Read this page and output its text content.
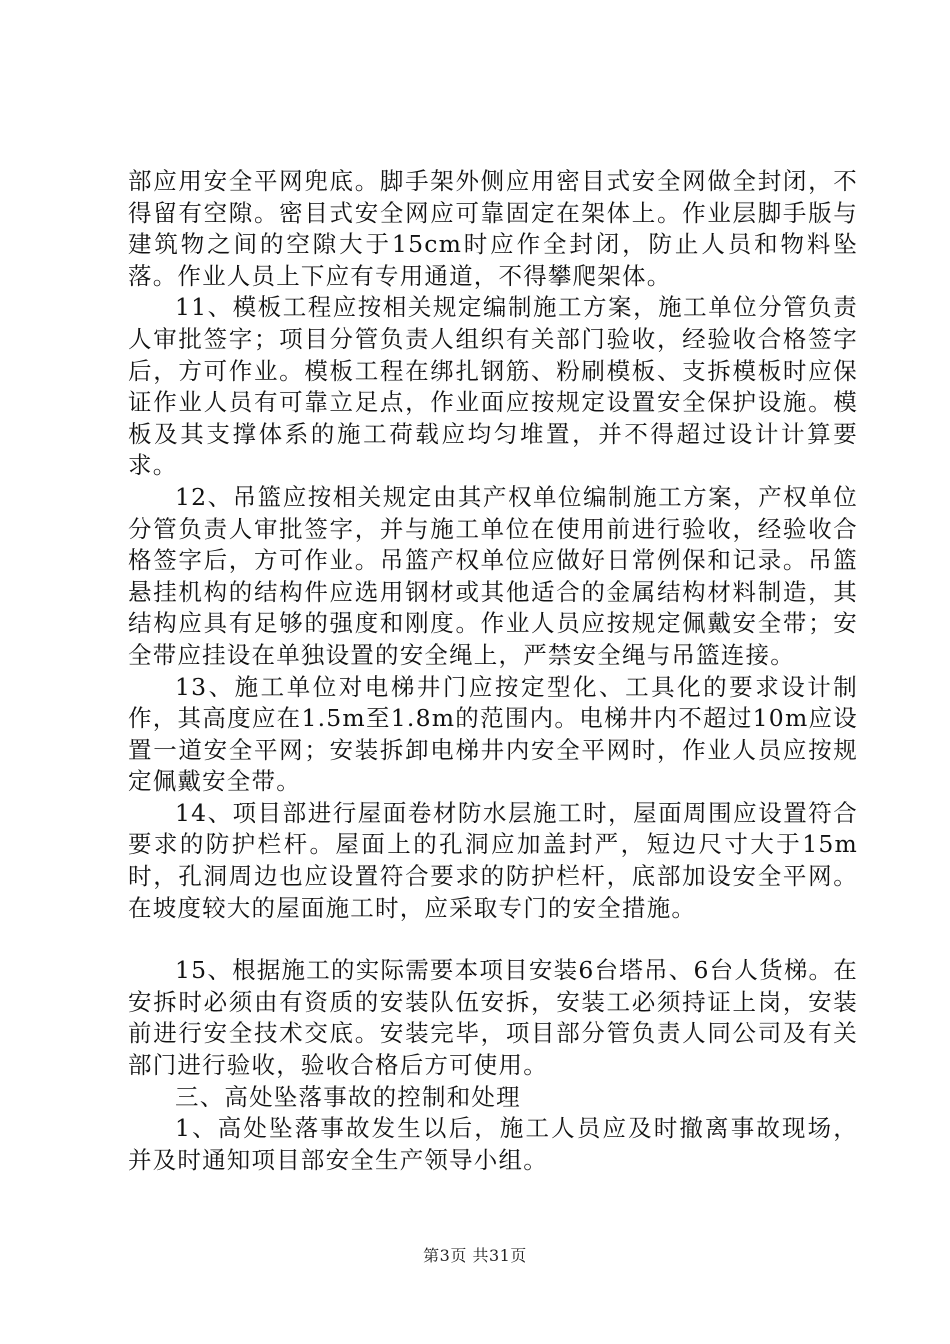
部应用安全平网兜底。脚手架外侧应用密目式安全网做全封闭，不得留有空隙。密目式安全网应可靠固定在架体上。作业层脚手版与建筑物之间的空隙大于15cm时应作全封闭，防止人员和物料坠落。作业人员上下应有专用通道，不得攀爬架体。

11、模板工程应按相关规定编制施工方案，施工单位分管负责人审批签字；项目分管负责人组织有关部门验收，经验收合格签字后，方可作业。模板工程在绑扎钢筋、粉刷模板、支拆模板时应保证作业人员有可靠立足点，作业面应按规定设置安全保护设施。模板及其支撑体系的施工荷载应均匀堆置，并不得超过设计计算要求。

12、吊篮应按相关规定由其产权单位编制施工方案，产权单位分管负责人审批签字，并与施工单位在使用前进行验收，经验收合格签字后，方可作业。吊篮产权单位应做好日常例保和记录。吊篮悬挂机构的结构件应选用钢材或其他适合的金属结构材料制造，其结构应具有足够的强度和刚度。作业人员应按规定佩戴安全带；安全带应挂设在单独设置的安全绳上，严禁安全绳与吊篮连接。

13、施工单位对电梯井门应按定型化、工具化的要求设计制作，其高度应在1.5m至1.8m的范围内。电梯井内不超过10m应设置一道安全平网；安装拆卸电梯井内安全平网时，作业人员应按规定佩戴安全带。

14、项目部进行屋面卷材防水层施工时，屋面周围应设置符合要求的防护栏杆。屋面上的孔洞应加盖封严，短边尺寸大于15m时，孔洞周边也应设置符合要求的防护栏杆，底部加设安全平网。在坡度较大的屋面施工时，应采取专门的安全措施。

15、根据施工的实际需要本项目安装6台塔吊、6台人货梯。在安拆时必须由有资质的安装队伍安拆，安装工必须持证上岗，安装前进行安全技术交底。安装完毕，项目部分管负责人同公司及有关部门进行验收，验收合格后方可使用。

三、高处坠落事故的控制和处理

1、高处坠落事故发生以后，施工人员应及时撤离事故现场，并及时通知项目部安全生产领导小组。

第3页 共31页
